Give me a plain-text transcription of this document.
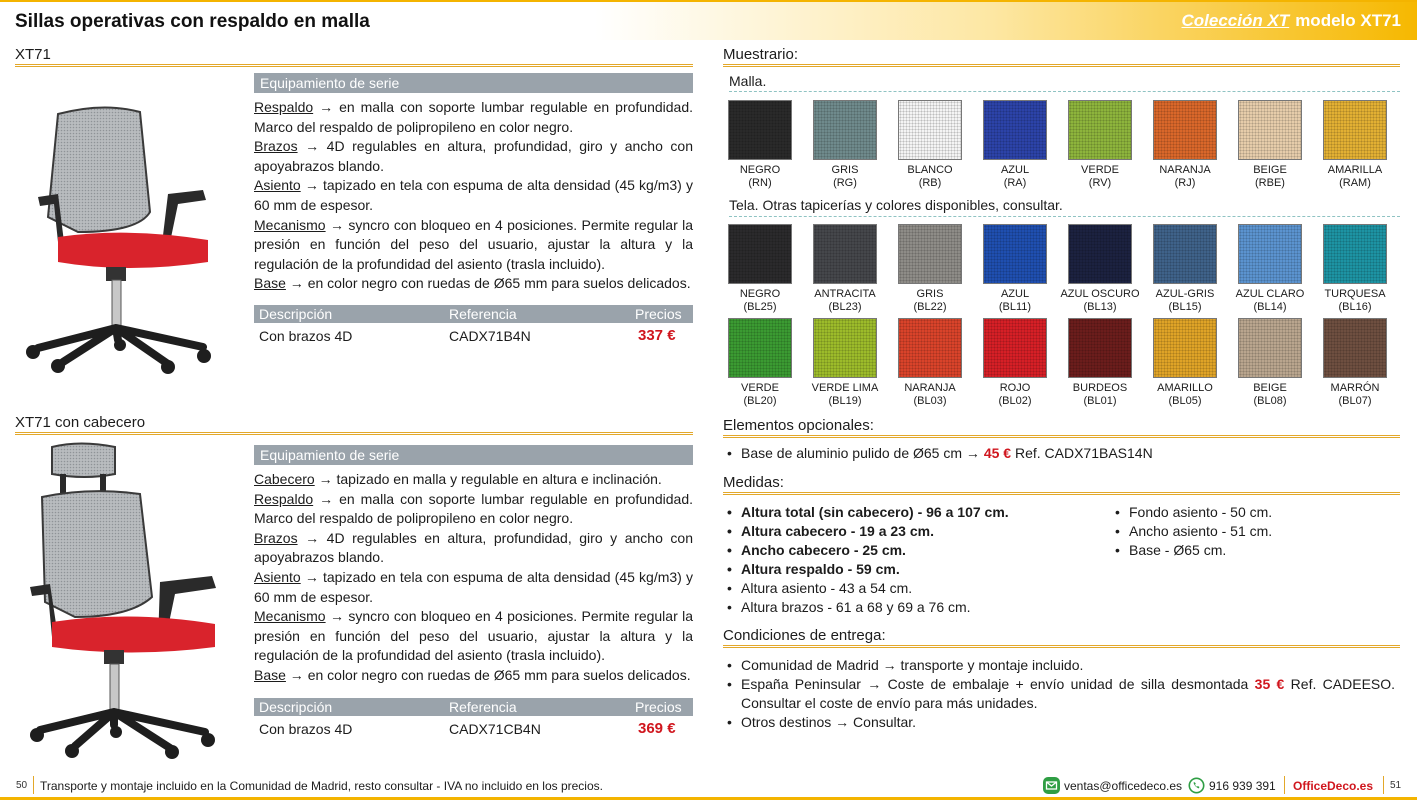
Sillas operativas con respaldo en malla	Colección XT modelo XT71
XT71
Equipamiento de serie

Respaldo → en malla con soporte lumbar regulable en profundidad. Marco del respaldo de polipropileno en color negro.

Brazos → 4D regulables en altura, profundidad, giro y ancho con apoyabrazos blando.

Asiento → tapizado en tela con espuma de alta densidad (45 kg/m3) y 60 mm de espesor.

Mecanismo → syncro con bloqueo en 4 posiciones. Permite regular la presión en función del peso del usuario, ajustar la altura y la regulación de la profundidad del asiento (trasla incluido).

Base → en color negro con ruedas de Ø65 mm para suelos delicados.

Descripción	Referencia	Precios
Con brazos 4D	CADX71B4N	337 €
XT71 con cabecero
Equipamiento de serie

Cabecero → tapizado en malla y regulable en altura e inclinación.

Respaldo → en malla con soporte lumbar regulable en profundidad. Marco del respaldo de polipropileno en color negro.

Brazos → 4D regulables en altura, profundidad, giro y ancho con apoyabrazos blando.

Asiento → tapizado en tela con espuma de alta densidad (45 kg/m3) y 60 mm de espesor.

Mecanismo → syncro con bloqueo en 4 posiciones. Permite regular la presión en función del peso del usuario, ajustar la altura y la regulación de la profundidad del asiento (trasla incluido).

Base → en color negro con ruedas de Ø65 mm para suelos delicados.

Descripción	Referencia	Precios
Con brazos 4D	CADX71CB4N	369 €
Muestrario:
Malla.
NEGRO
(RN)
GRIS
(RG)
BLANCO
(RB)
AZUL
(RA)
VERDE
(RV)
NARANJA
(RJ)
BEIGE
(RBE)
AMARILLA
(RAM)
Tela. Otras tapicerías y colores disponibles, consultar.
NEGRO
(BL25)
ANTRACITA
(BL23)
GRIS
(BL22)
AZUL
(BL11)
AZUL OSCURO
(BL13)
AZUL-GRIS
(BL15)
AZUL CLARO
(BL14)
TURQUESA
(BL16)
VERDE
(BL20)
VERDE LIMA
(BL19)
NARANJA
(BL03)
ROJO
(BL02)
BURDEOS
(BL01)
AMARILLO
(BL05)
BEIGE
(BL08)
MARRÓN
(BL07)
Elementos opcionales:
• Base de aluminio pulido de Ø65 cm → 45 € Ref. CADX71BAS14N
Medidas:
• Altura total (sin cabecero) - 96 a 107 cm.
• Altura cabecero - 19 a 23 cm.
• Ancho cabecero - 25 cm.
• Altura respaldo - 59 cm.
• Altura asiento - 43 a 54 cm.
• Altura brazos - 61 a 68 y 69 a 76 cm.
• Fondo asiento - 50 cm.
• Ancho asiento - 51 cm.
• Base - Ø65 cm.
Condiciones de entrega:
• Comunidad de Madrid → transporte y montaje incluido.
• España Peninsular → Coste de embalaje + envío unidad de silla desmontada 35 € Ref. CADEESO. Consultar el coste de envío para más unidades.
• Otros destinos → Consultar.
50 Transporte y montaje incluido en la Comunidad de Madrid, resto consultar - IVA no incluido en los precios.	ventas@officedeco.es 916 939 391 OfficeDeco.es 51
